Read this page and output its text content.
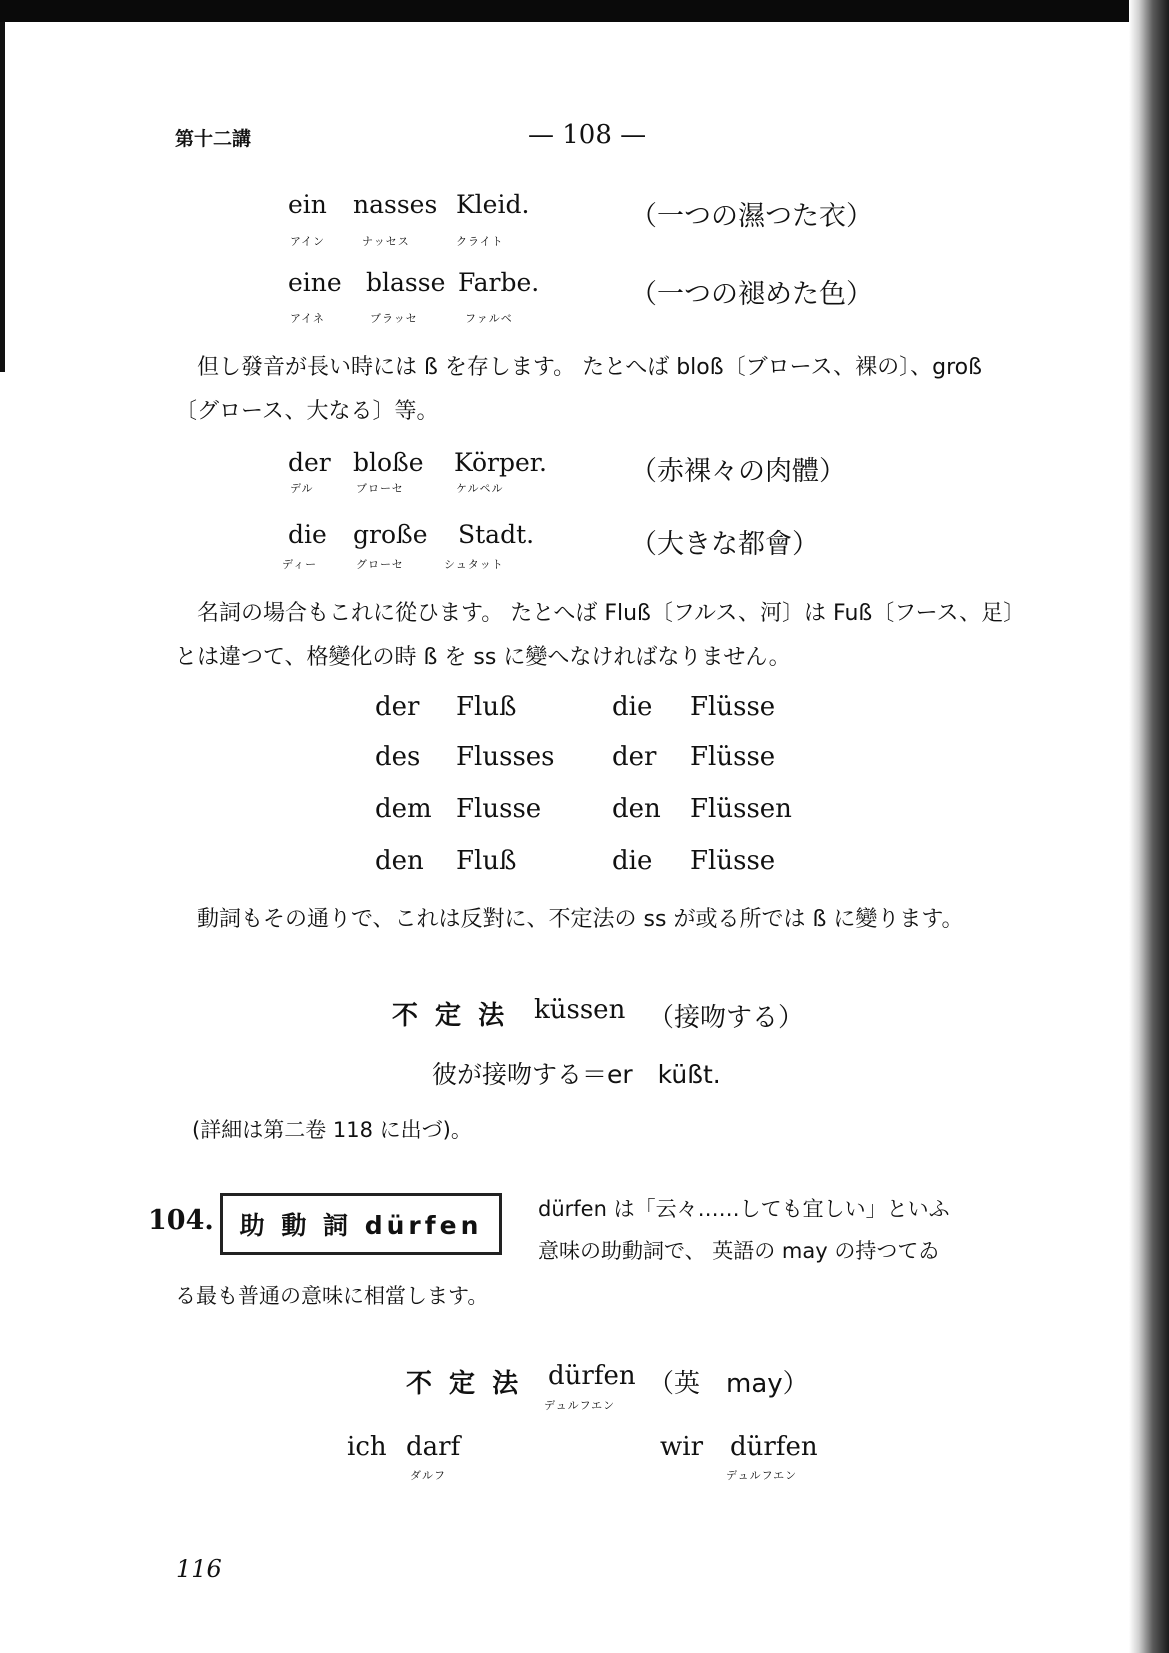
第十二講	— 108 —
ein nasses Kleid.
アイン	ナッセス	クライト
（一つの濕つた衣）
eine blasse Farbe.
アイネ	ブラッセ	ファルベ
（一つの褪めた色）
但し發音が長い時には ß を存します。 たとへば bloß〔ブロース、裸の〕、groß〔グロース、大なる〕等。
der bloße Körper.
デル	ブローセ	ケルペル
（赤裸々の肉體）
die große Stadt.
ディー	グローセ	シュタット
（大きな都會）
名詞の場合もこれに從ひます。 たとへば Fluß〔フルス、河〕は Fuß〔フース、足〕とは違つて、格變化の時 ß を ss に變へなければなりません。
der Fluß	die Flüsse
des Flusses der Flüsse
dem Flusse	den Flüssen
den Fluß	die Flüsse
動詞もその通りで、これは反對に、不定法の ss が或る所では ß に變ります。
不 定 法 küssen （接吻する）
彼が接吻する＝er　küßt.
(詳細は第二卷 118 に出づ)。
104.	助 動 詞 dürfen
dürfen は「云々……しても宜しい」といふ
意味の助動詞で、 英語の may の持つてゐ
る最も普通の意味に相當します。
不 定 法 dürfen
デュルフエン
（英　may）
ich darf
ダルフ
wir dürfen
デュルフエン
116
